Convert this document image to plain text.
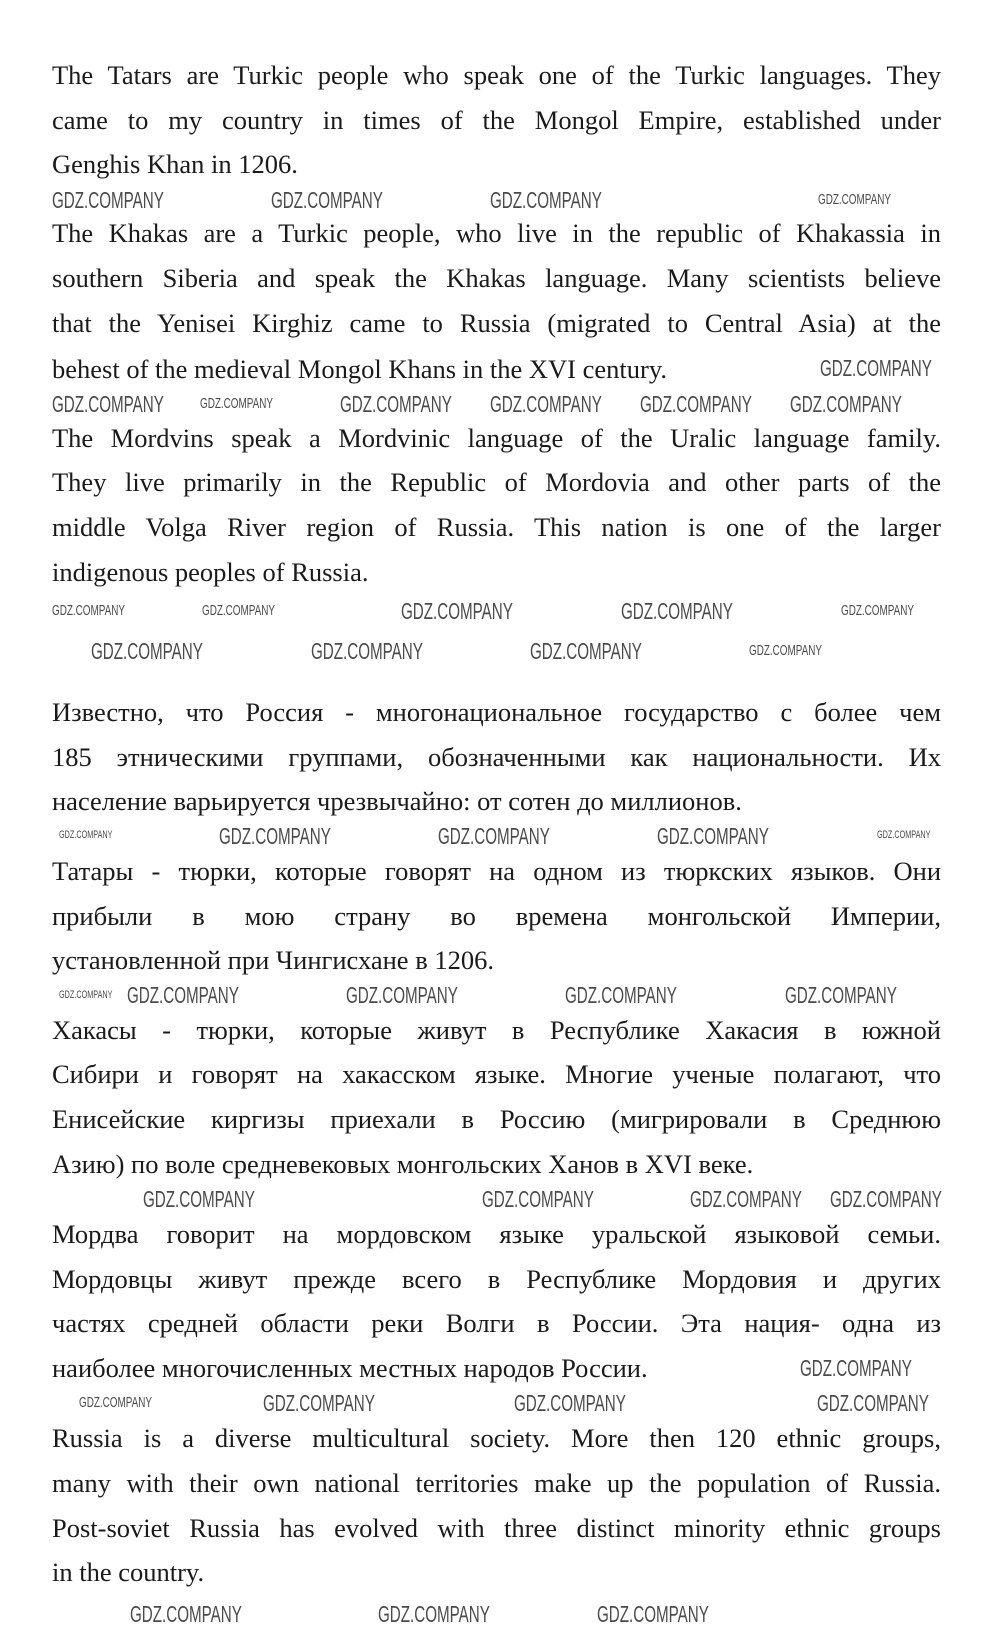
The Tatars are Turkic people who speak one of the Turkic languages. They
came to my country in times of the Mongol Empire, established under
Genghis Khan in 1206.
The Khakas are a Turkic people, who live in the republic of Khakassia in
southern Siberia and speak the Khakas language. Many scientists believe
that the Yenisei Kirghiz came to Russia (migrated to Central Asia) at the
behest of the medieval Mongol Khans in the XVI century.
The Mordvins speak a Mordvinic language of the Uralic language family.
They live primarily in the Republic of Mordovia and other parts of the
middle Volga River region of Russia. This nation is one of the larger
indigenous peoples of Russia.
Известно, что Россия - многонациональное государство с более чем
185 этническими группами, обозначенными как национальности. Их
население варьируется чрезвычайно: от сотен до миллионов.
Татары - тюрки, которые говорят на одном из тюркских языков. Они
прибыли в мою страну во времена монгольской Империи,
установленной при Чингисхане в 1206.
Хакасы - тюрки, которые живут в Республике Хакасия в южной
Сибири и говорят на хакасском языке. Многие ученые полагают, что
Енисейские киргизы приехали в Россию (мигрировали в Среднюю
Азию) по воле средневековых монгольских Ханов в XVI веке.
Мордва говорит на мордовском языке уральской языковой семьи.
Мордовцы живут прежде всего в Республике Мордовия и других
частях средней области реки Волги в России. Эта нация- одна из
наиболее многочисленных местных народов России.
Russia is a diverse multicultural society. More then 120 ethnic groups,
many with their own national territories make up the population of Russia.
Post-soviet Russia has evolved with three distinct minority ethnic groups
in the country.
GDZ.COMPANY	GDZ.COMPANY	GDZ.COMPANY	GDZ.COMPANY
GDZ.COMPANY
GDZ.COMPANY GDZ.COMPANY	GDZ.COMPANY GDZ.COMPANY GDZ.COMPANY GDZ.COMPANY
GDZ.COMPANY	GDZ.COMPANY	GDZ.COMPANY	GDZ.COMPANY	GDZ.COMPANY
GDZ.COMPANY	GDZ.COMPANY	GDZ.COMPANY	GDZ.COMPANY
GDZ.COMPANY	GDZ.COMPANY	GDZ.COMPANY	GDZ.COMPANY	GDZ.COMPANY
GDZ.COMPANY GDZ.COMPANY	GDZ.COMPANY	GDZ.COMPANY	GDZ.COMPANY
GDZ.COMPANY	GDZ.COMPANY	GDZ.COMPANY GDZ.COMPANY
GDZ.COMPANY
GDZ.COMPANY	GDZ.COMPANY	GDZ.COMPANY	GDZ.COMPANY
GDZ.COMPANY	GDZ.COMPANY	GDZ.COMPANY
